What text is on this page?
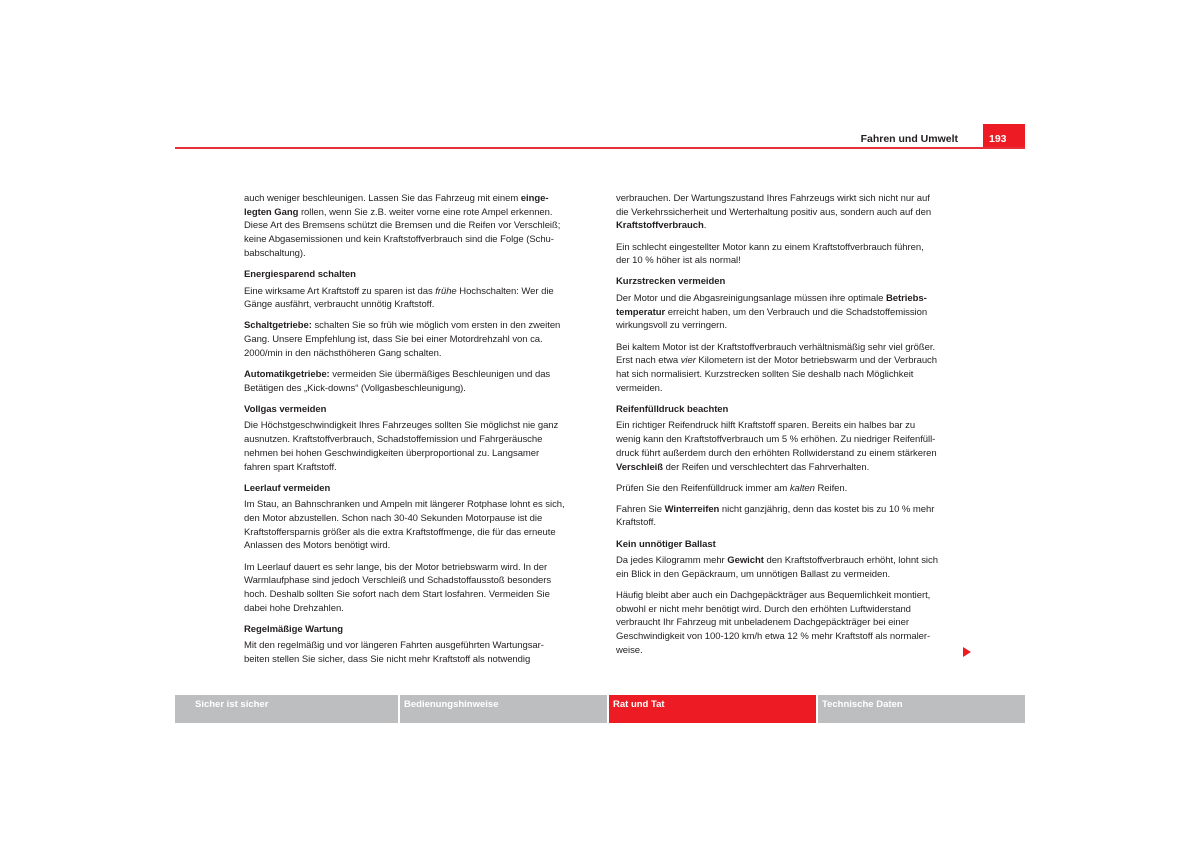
Fahren und Umwelt	193
auch weniger beschleunigen. Lassen Sie das Fahrzeug mit einem einge-
legten Gang rollen, wenn Sie z.B. weiter vorne eine rote Ampel erkennen.
Diese Art des Bremsens schützt die Bremsen und die Reifen vor Verschleiß;
keine Abgasemissionen und kein Kraftstoffverbrauch sind die Folge (Schu-
babschaltung).
Energiesparend schalten
Eine wirksame Art Kraftstoff zu sparen ist das frühe Hochschalten: Wer die
Gänge ausfährt, verbraucht unnötig Kraftstoff.
Schaltgetriebe: schalten Sie so früh wie möglich vom ersten in den zweiten
Gang. Unsere Empfehlung ist, dass Sie bei einer Motordrehzahl von ca.
2000/min in den nächsthöheren Gang schalten.
Automatikgetriebe: vermeiden Sie übermäßiges Beschleunigen und das
Betätigen des „Kick-downs“ (Vollgasbeschleunigung).
Vollgas vermeiden
Die Höchstgeschwindigkeit Ihres Fahrzeuges sollten Sie möglichst nie ganz
ausnutzen. Kraftstoffverbrauch, Schadstoffemission und Fahrgeräusche
nehmen bei hohen Geschwindigkeiten überproportional zu. Langsamer
fahren spart Kraftstoff.
Leerlauf vermeiden
Im Stau, an Bahnschranken und Ampeln mit längerer Rotphase lohnt es sich,
den Motor abzustellen. Schon nach 30-40 Sekunden Motorpause ist die
Kraftstoffersparnis größer als die extra Kraftstoffmenge, die für das erneute
Anlassen des Motors benötigt wird.
Im Leerlauf dauert es sehr lange, bis der Motor betriebswarm wird. In der
Warmlaufphase sind jedoch Verschleiß und Schadstoffausstoß besonders
hoch. Deshalb sollten Sie sofort nach dem Start losfahren. Vermeiden Sie
dabei hohe Drehzahlen.
Regelmäßige Wartung
Mit den regelmäßig und vor längeren Fahrten ausgeführten Wartungsar-
beiten stellen Sie sicher, dass Sie nicht mehr Kraftstoff als notwendig
verbrauchen. Der Wartungszustand Ihres Fahrzeugs wirkt sich nicht nur auf
die Verkehrssicherheit und Werterhaltung positiv aus, sondern auch auf den
Kraftstoffverbrauch.
Ein schlecht eingestellter Motor kann zu einem Kraftstoffverbrauch führen,
der 10 % höher ist als normal!
Kurzstrecken vermeiden
Der Motor und die Abgasreinigungsanlage müssen ihre optimale Betriebs-
temperatur erreicht haben, um den Verbrauch und die Schadstoffemission
wirkungsvoll zu verringern.
Bei kaltem Motor ist der Kraftstoffverbrauch verhältnismäßig sehr viel größer.
Erst nach etwa vier Kilometern ist der Motor betriebswarm und der Verbrauch
hat sich normalisiert. Kurzstrecken sollten Sie deshalb nach Möglichkeit
vermeiden.
Reifenfülldruck beachten
Ein richtiger Reifendruck hilft Kraftstoff sparen. Bereits ein halbes bar zu
wenig kann den Kraftstoffverbrauch um 5 % erhöhen. Zu niedriger Reifenfüll-
druck führt außerdem durch den erhöhten Rollwiderstand zu einem stärkeren
Verschleiß der Reifen und verschlechtert das Fahrverhalten.
Prüfen Sie den Reifenfülldruck immer am kalten Reifen.
Fahren Sie Winterreifen nicht ganzjährig, denn das kostet bis zu 10 % mehr
Kraftstoff.
Kein unnötiger Ballast
Da jedes Kilogramm mehr Gewicht den Kraftstoffverbrauch erhöht, lohnt sich
ein Blick in den Gepäckraum, um unnötigen Ballast zu vermeiden.
Häufig bleibt aber auch ein Dachgepäckträger aus Bequemlichkeit montiert,
obwohl er nicht mehr benötigt wird. Durch den erhöhten Luftwiderstand
verbraucht Ihr Fahrzeug mit unbeladenem Dachgepäckträger bei einer
Geschwindigkeit von 100-120 km/h etwa 12 % mehr Kraftstoff als normaler-
weise.
Sicher ist sicher	Bedienungshinweise	Rat und Tat	Technische Daten
